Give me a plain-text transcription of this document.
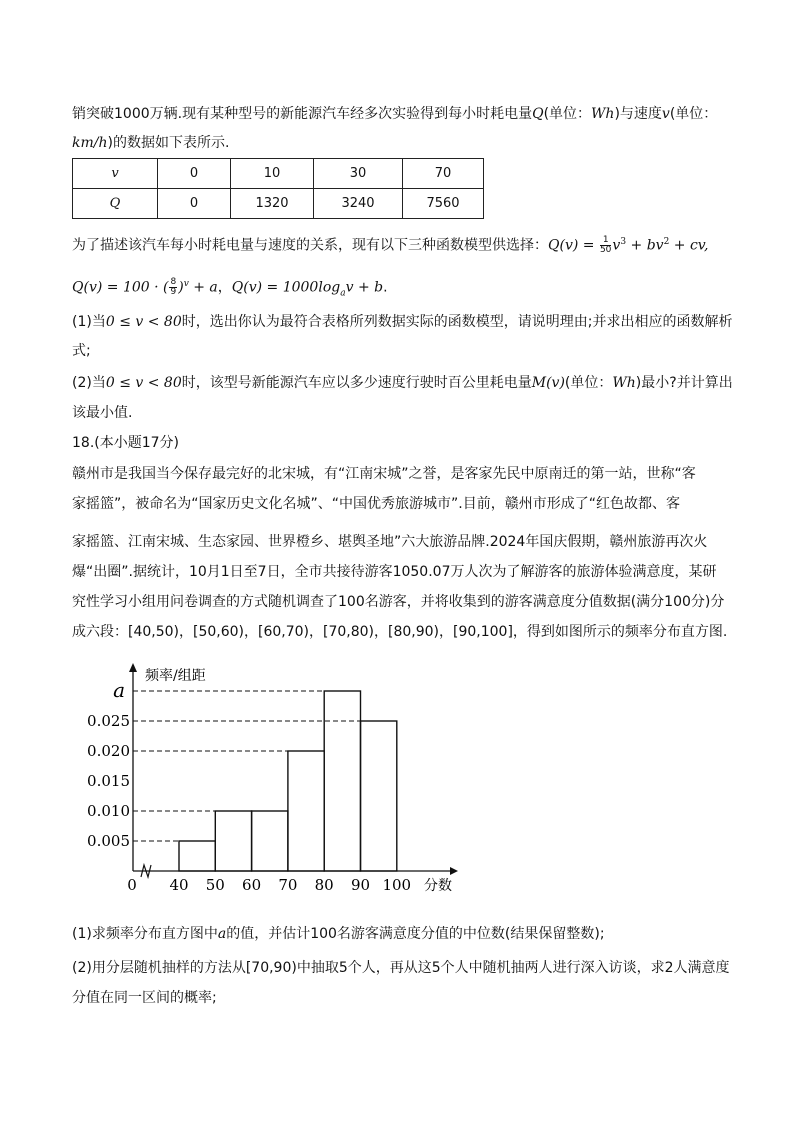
销突破1000万辆.现有某种型号的新能源汽车经多次实验得到每小时耗电量Q(单位：Wh)与速度v(单位：
km/h)的数据如下表所示.
v	0	10	30	70
Q	0	1320	3240	7560
为了描述该汽车每小时耗电量与速度的关系，现有以下三种函数模型供选择：$Q(v) = \frac{1}{50} v^3 + bv^2$ + cv,
Q(v) = 100 · ( $\frac{8}{9} )^v + a$，$Q(v) = 1000\log_av + b$.
(1)当0 ≤ v < 80时，选出你认为最符合表格所列数据实际的函数模型，请说明理由;并求出相应的函数解析
式;
(2)当0 ≤ v < 80时，该型号新能源汽车应以多少速度行驶时百公里耗电量M(v)(单位：Wh)最小?并计算出
该最小值.
18.(本小题17分)
赣州市是我国当今保存最完好的北宋城，有“江南宋城”之誉，是客家先民中原南迁的第一站，世称“客
家摇篮”，被命名为“国家历史文化名城”、“中国优秀旅游城市”.目前，赣州市形成了“红色故都、客
家摇篮、江南宋城、生态家园、世界橙乡、堪舆圣地”六大旅游品牌.2024年国庆假期，赣州旅游再次火
爆“出圈”.据统计，10月1日至7日，全市共接待游客1050.07万人次为了解游客的旅游体验满意度，某研
究性学习小组用问卷调查的方式随机调查了100名游客，并将收集到的游客满意度分值数据(满分100分)分
成六段：[40,50)，[50,60)，[60,70)，[70,80)，[80,90)，[90,100]，得到如图所示的频率分布直方图.
0.005
0.010
0.015
0.020
0.025
a
40 50 60 70 80 90 100
0
频率/组距
分数
(1)求频率分布直方图中a的值，并估计100名游客满意度分值的中位数(结果保留整数);
(2)用分层随机抽样的方法从[70,90)中抽取5个人，再从这5个人中随机抽两人进行深入访谈，求2人满意度
分值在同一区间的概率;
